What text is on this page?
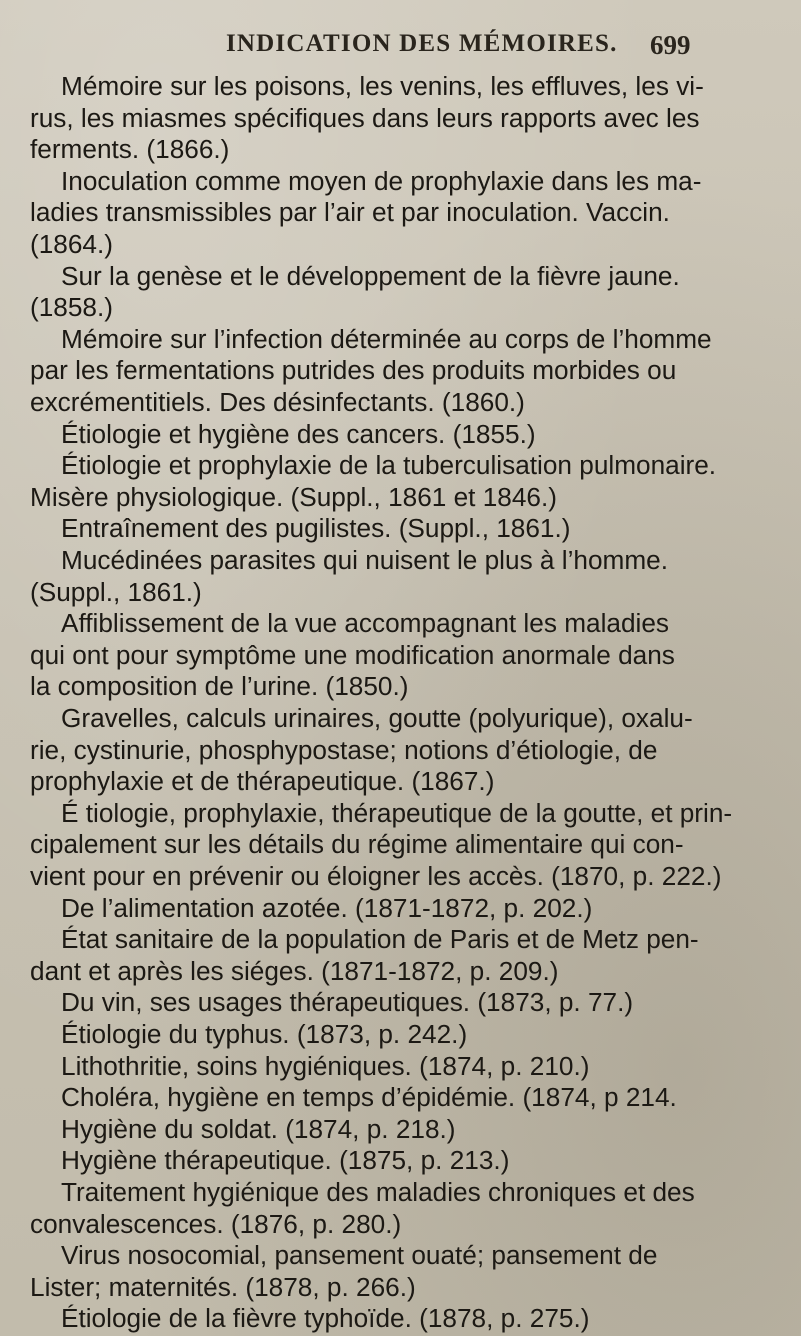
INDICATION DES MÉMOIRES. 699
Mémoire sur les poisons, les venins, les effluves, les vi-
rus, les miasmes spécifiques dans leurs rapports avec les
ferments. (1866.)
Inoculation comme moyen de prophylaxie dans les ma-
ladies transmissibles par l’air et par inoculation. Vaccin.
(1864.)
Sur la genèse et le développement de la fièvre jaune.
(1858.)
Mémoire sur l’infection déterminée au corps de l’homme
par les fermentations putrides des produits morbides ou
excrémentitiels. Des désinfectants. (1860.)
Étiologie et hygiène des cancers. (1855.)
Étiologie et prophylaxie de la tuberculisation pulmonaire.
Misère physiologique. (Suppl., 1861 et 1846.)
Entraînement des pugilistes. (Suppl., 1861.)
Mucédinées parasites qui nuisent le plus à l’homme.
(Suppl., 1861.)
Affiblissement de la vue accompagnant les maladies
qui ont pour symptôme une modification anormale dans
la composition de l’urine. (1850.)
Gravelles, calculs urinaires, goutte (polyurique), oxalu-
rie, cystinurie, phosphypostase; notions d’étiologie, de
prophylaxie et de thérapeutique. (1867.)
É tiologie, prophylaxie, thérapeutique de la goutte, et prin-
cipalement sur les détails du régime alimentaire qui con-
vient pour en prévenir ou éloigner les accès. (1870, p. 222.)
De l’alimentation azotée. (1871-1872, p. 202.)
État sanitaire de la population de Paris et de Metz pen-
dant et après les siéges. (1871-1872, p. 209.)
Du vin, ses usages thérapeutiques. (1873, p. 77.)
Étiologie du typhus. (1873, p. 242.)
Lithothritie, soins hygiéniques. (1874, p. 210.)
Choléra, hygiène en temps d’épidémie. (1874, p 214.
Hygiène du soldat. (1874, p. 218.)
Hygiène thérapeutique. (1875, p. 213.)
Traitement hygiénique des maladies chroniques et des
convalescences. (1876, p. 280.)
Virus nosocomial, pansement ouaté; pansement de
Lister; maternités. (1878, p. 266.)
Étiologie de la fièvre typhoïde. (1878, p. 275.)
